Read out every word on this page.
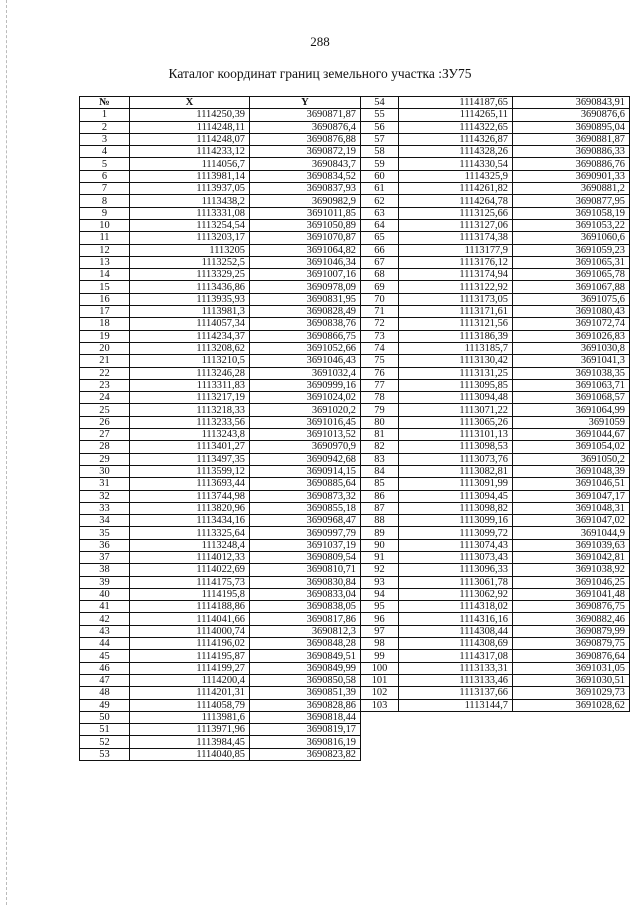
288
Каталог координат границ земельного участка :ЗУ75
№	X	Y
1	1114250,39	3690871,87
2	1114248,11	3690876,4
3	1114248,07	3690876,88
4	1114233,12	3690872,19
5	1114056,7	3690843,7
6	1113981,14	3690834,52
7	1113937,05	3690837,93
8	1113438,2	3690982,9
9	1113331,08	3691011,85
10	1113254,54	3691050,89
11	1113203,17	3691070,87
12	1113205	3691064,82
13	1113252,5	3691046,34
14	1113329,25	3691007,16
15	1113436,86	3690978,09
16	1113935,93	3690831,95
17	1113981,3	3690828,49
18	1114057,34	3690838,76
19	1114234,37	3690866,75
20	1113208,62	3691052,66
21	1113210,5	3691046,43
22	1113246,28	3691032,4
23	1113311,83	3690999,16
24	1113217,19	3691024,02
25	1113218,33	3691020,2
26	1113233,56	3691016,45
27	1113243,8	3691013,52
28	1113401,27	3690970,9
29	1113497,35	3690942,68
30	1113599,12	3690914,15
31	1113693,44	3690885,64
32	1113744,98	3690873,32
33	1113820,96	3690855,18
34	1113434,16	3690968,47
35	1113325,64	3690997,79
36	1113248,4	3691037,19
37	1114012,33	3690809,54
38	1114022,69	3690810,71
39	1114175,73	3690830,84
40	1114195,8	3690833,04
41	1114188,86	3690838,05
42	1114041,66	3690817,86
43	1114000,74	3690812,3
44	1114196,02	3690848,28
45	1114195,87	3690849,51
46	1114199,27	3690849,99
47	1114200,4	3690850,58
48	1114201,31	3690851,39
49	1114058,79	3690828,86
50	1113981,6	3690818,44
51	1113971,96	3690819,17
52	1113984,45	3690816,19
53	1114040,85	3690823,82
54	1114187,65	3690843,91
55	1114265,11	3690876,6
56	1114322,65	3690895,04
57	1114326,87	3690881,87
58	1114328,26	3690886,33
59	1114330,54	3690886,76
60	1114325,9	3690901,33
61	1114261,82	3690881,2
62	1114264,78	3690877,95
63	1113125,66	3691058,19
64	1113127,06	3691053,22
65	1113174,38	3691060,6
66	1113177,9	3691059,23
67	1113176,12	3691065,31
68	1113174,94	3691065,78
69	1113122,92	3691067,88
70	1113173,05	3691075,6
71	1113171,61	3691080,43
72	1113121,56	3691072,74
73	1113186,39	3691026,83
74	1113185,7	3691030,8
75	1113130,42	3691041,3
76	1113131,25	3691038,35
77	1113095,85	3691063,71
78	1113094,48	3691068,57
79	1113071,22	3691064,99
80	1113065,26	3691059
81	1113101,13	3691044,67
82	1113098,53	3691054,02
83	1113073,76	3691050,2
84	1113082,81	3691048,39
85	1113091,99	3691046,51
86	1113094,45	3691047,17
87	1113098,82	3691048,31
88	1113099,16	3691047,02
89	1113099,72	3691044,9
90	1113074,43	3691039,63
91	1113073,43	3691042,81
92	1113096,33	3691038,92
93	1113061,78	3691046,25
94	1113062,92	3691041,48
95	1114318,02	3690876,75
96	1114316,16	3690882,46
97	1114308,44	3690879,99
98	1114308,69	3690879,75
99	1114317,08	3690876,64
100	1113133,31	3691031,05
101	1113133,46	3691030,51
102	1113137,66	3691029,73
103	1113144,7	3691028,62
